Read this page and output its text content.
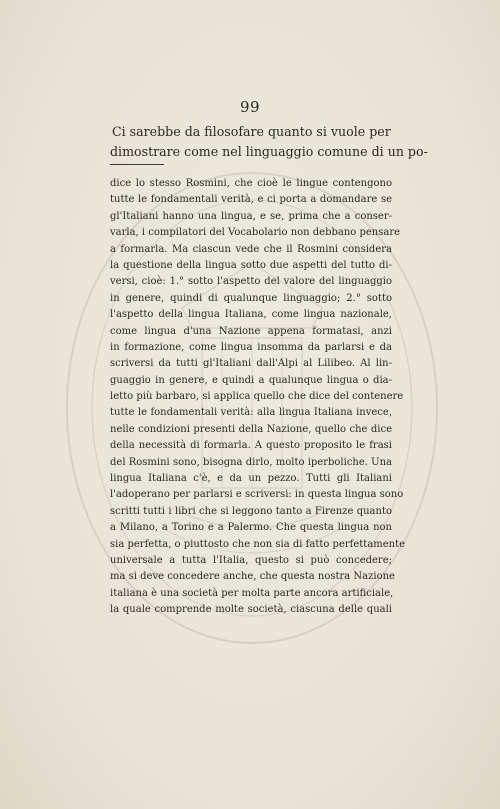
99
Ci sarebbe da filosofare quanto si vuole per
dimostrare come nel linguaggio comune di un po-
dice lo stesso Rosmini, che cioè le lingue contengono
tutte le fondamentali verità, e ci porta a domandare se
gl'Italiani hanno una lingua, e se, prima che a conser-
varla, i compilatori del Vocabolario non debbano pensare
a formarla. Ma ciascun vede che il Rosmini considera
la questione della lingua sotto due aspetti del tutto di-
versi, cioè: 1.° sotto l'aspetto del valore del linguaggio
in genere, quindi di qualunque linguaggio; 2.° sotto
l'aspetto della lingua Italiana, come lingua nazionale,
come lingua d'una Nazione appena formatasi, anzi
in formazione, come lingua insomma da parlarsi e da
scriversi da tutti gl'Italiani dall'Alpi al Lilibeo. Al lin-
guaggio in genere, e quindi a qualunque lingua o dia-
letto più barbaro, si applica quello che dice del contenere
tutte le fondamentali verità: alla lingua Italiana invece,
nelle condizioni presenti della Nazione, quello che dice
della necessità di formarla. A questo proposito le frasi
del Rosmini sono, bisogna dirlo, molto iperboliche. Una
lingua Italiana c'è, e da un pezzo. Tutti gli Italiani
l'adoperano per parlarsi e scriversi: in questa lingua sono
scritti tutti i libri che si leggono tanto a Firenze quanto
a Milano, a Torino e a Palermo. Che questa lingua non
sia perfetta, o piuttosto che non sia di fatto perfettamente
universale a tutta l'Italia, questo si può concedere;
ma si deve concedere anche, che questa nostra Nazione
italiana è una società per molta parte ancora artificiale,
la quale comprende molte società, ciascuna delle quali
